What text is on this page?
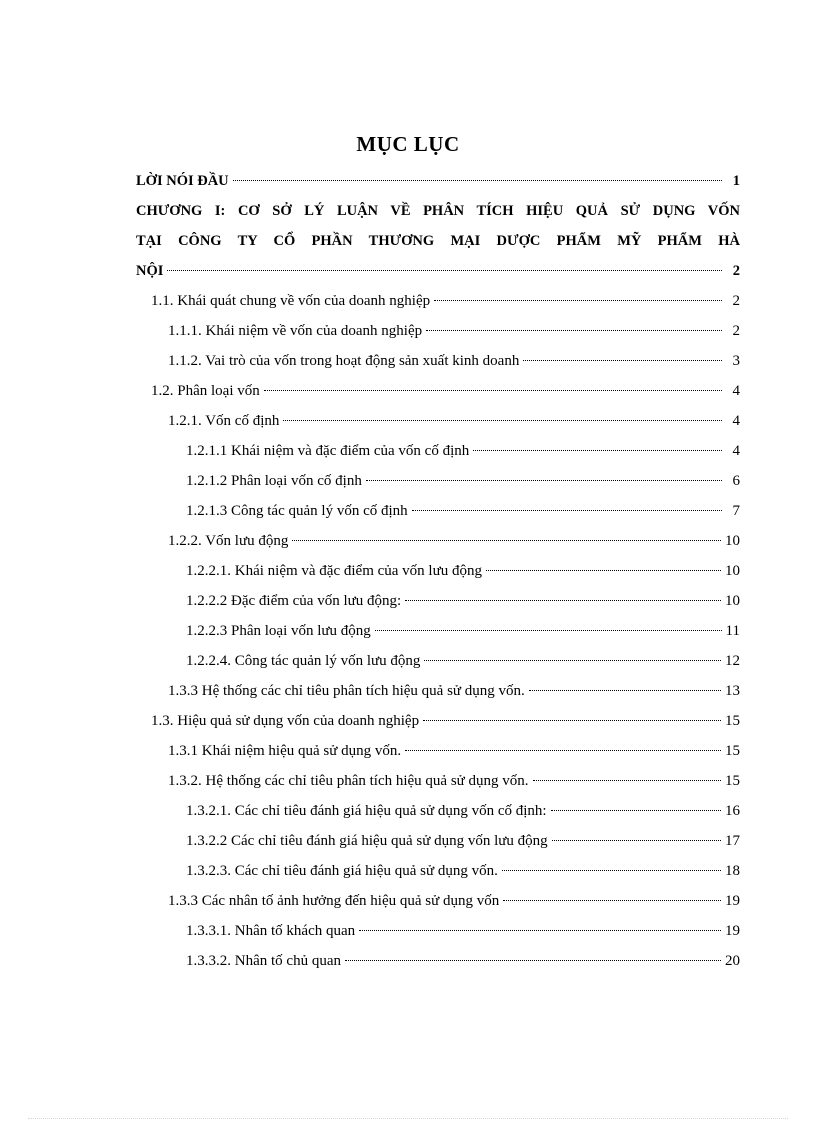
MỤC LỤC
LỜI NÓI ĐẦU	1
CHƯƠNG I: CƠ SỞ LÝ LUẬN VỀ PHÂN TÍCH HIỆU QUẢ SỬ DỤNG VỐN
TẠI CÔNG TY CỔ PHẦN THƯƠNG MẠI DƯỢC PHẨM MỸ PHẨM HÀ
NỘI	2
1.1. Khái quát chung về vốn của doanh nghiệp	2
1.1.1. Khái niệm về vốn của doanh nghiệp	2
1.1.2. Vai trò của vốn trong hoạt động sản xuất kinh doanh	3
1.2. Phân loại vốn	4
1.2.1. Vốn cố định	4
1.2.1.1 Khái niệm và đặc điểm của vốn cố định	4
1.2.1.2 Phân loại vốn cố định	6
1.2.1.3 Công tác quản lý vốn cố định	7
1.2.2. Vốn lưu động	10
1.2.2.1. Khái niệm và đặc điểm của vốn lưu động	10
1.2.2.2 Đặc điểm của vốn lưu động:	10
1.2.2.3 Phân loại vốn lưu động	11
1.2.2.4. Công tác quản lý vốn lưu động	12
1.3.3 Hệ thống các chỉ tiêu phân tích hiệu quả sử dụng vốn.	13
1.3. Hiệu quả sử dụng vốn của doanh nghiệp	15
1.3.1 Khái niệm hiệu quả sử dụng vốn.	15
1.3.2. Hệ thống các chỉ tiêu phân tích hiệu quả sử dụng vốn.	15
1.3.2.1. Các chỉ tiêu đánh giá hiệu quả sử dụng vốn cố định:	16
1.3.2.2 Các chỉ tiêu đánh giá hiệu quả sử dụng vốn lưu động	17
1.3.2.3. Các chỉ tiêu đánh giá hiệu quả sử dụng vốn.	18
1.3.3 Các nhân tố ảnh hưởng đến hiệu quả sử dụng vốn	19
1.3.3.1. Nhân tố khách quan	19
1.3.3.2. Nhân tố chủ quan	20
